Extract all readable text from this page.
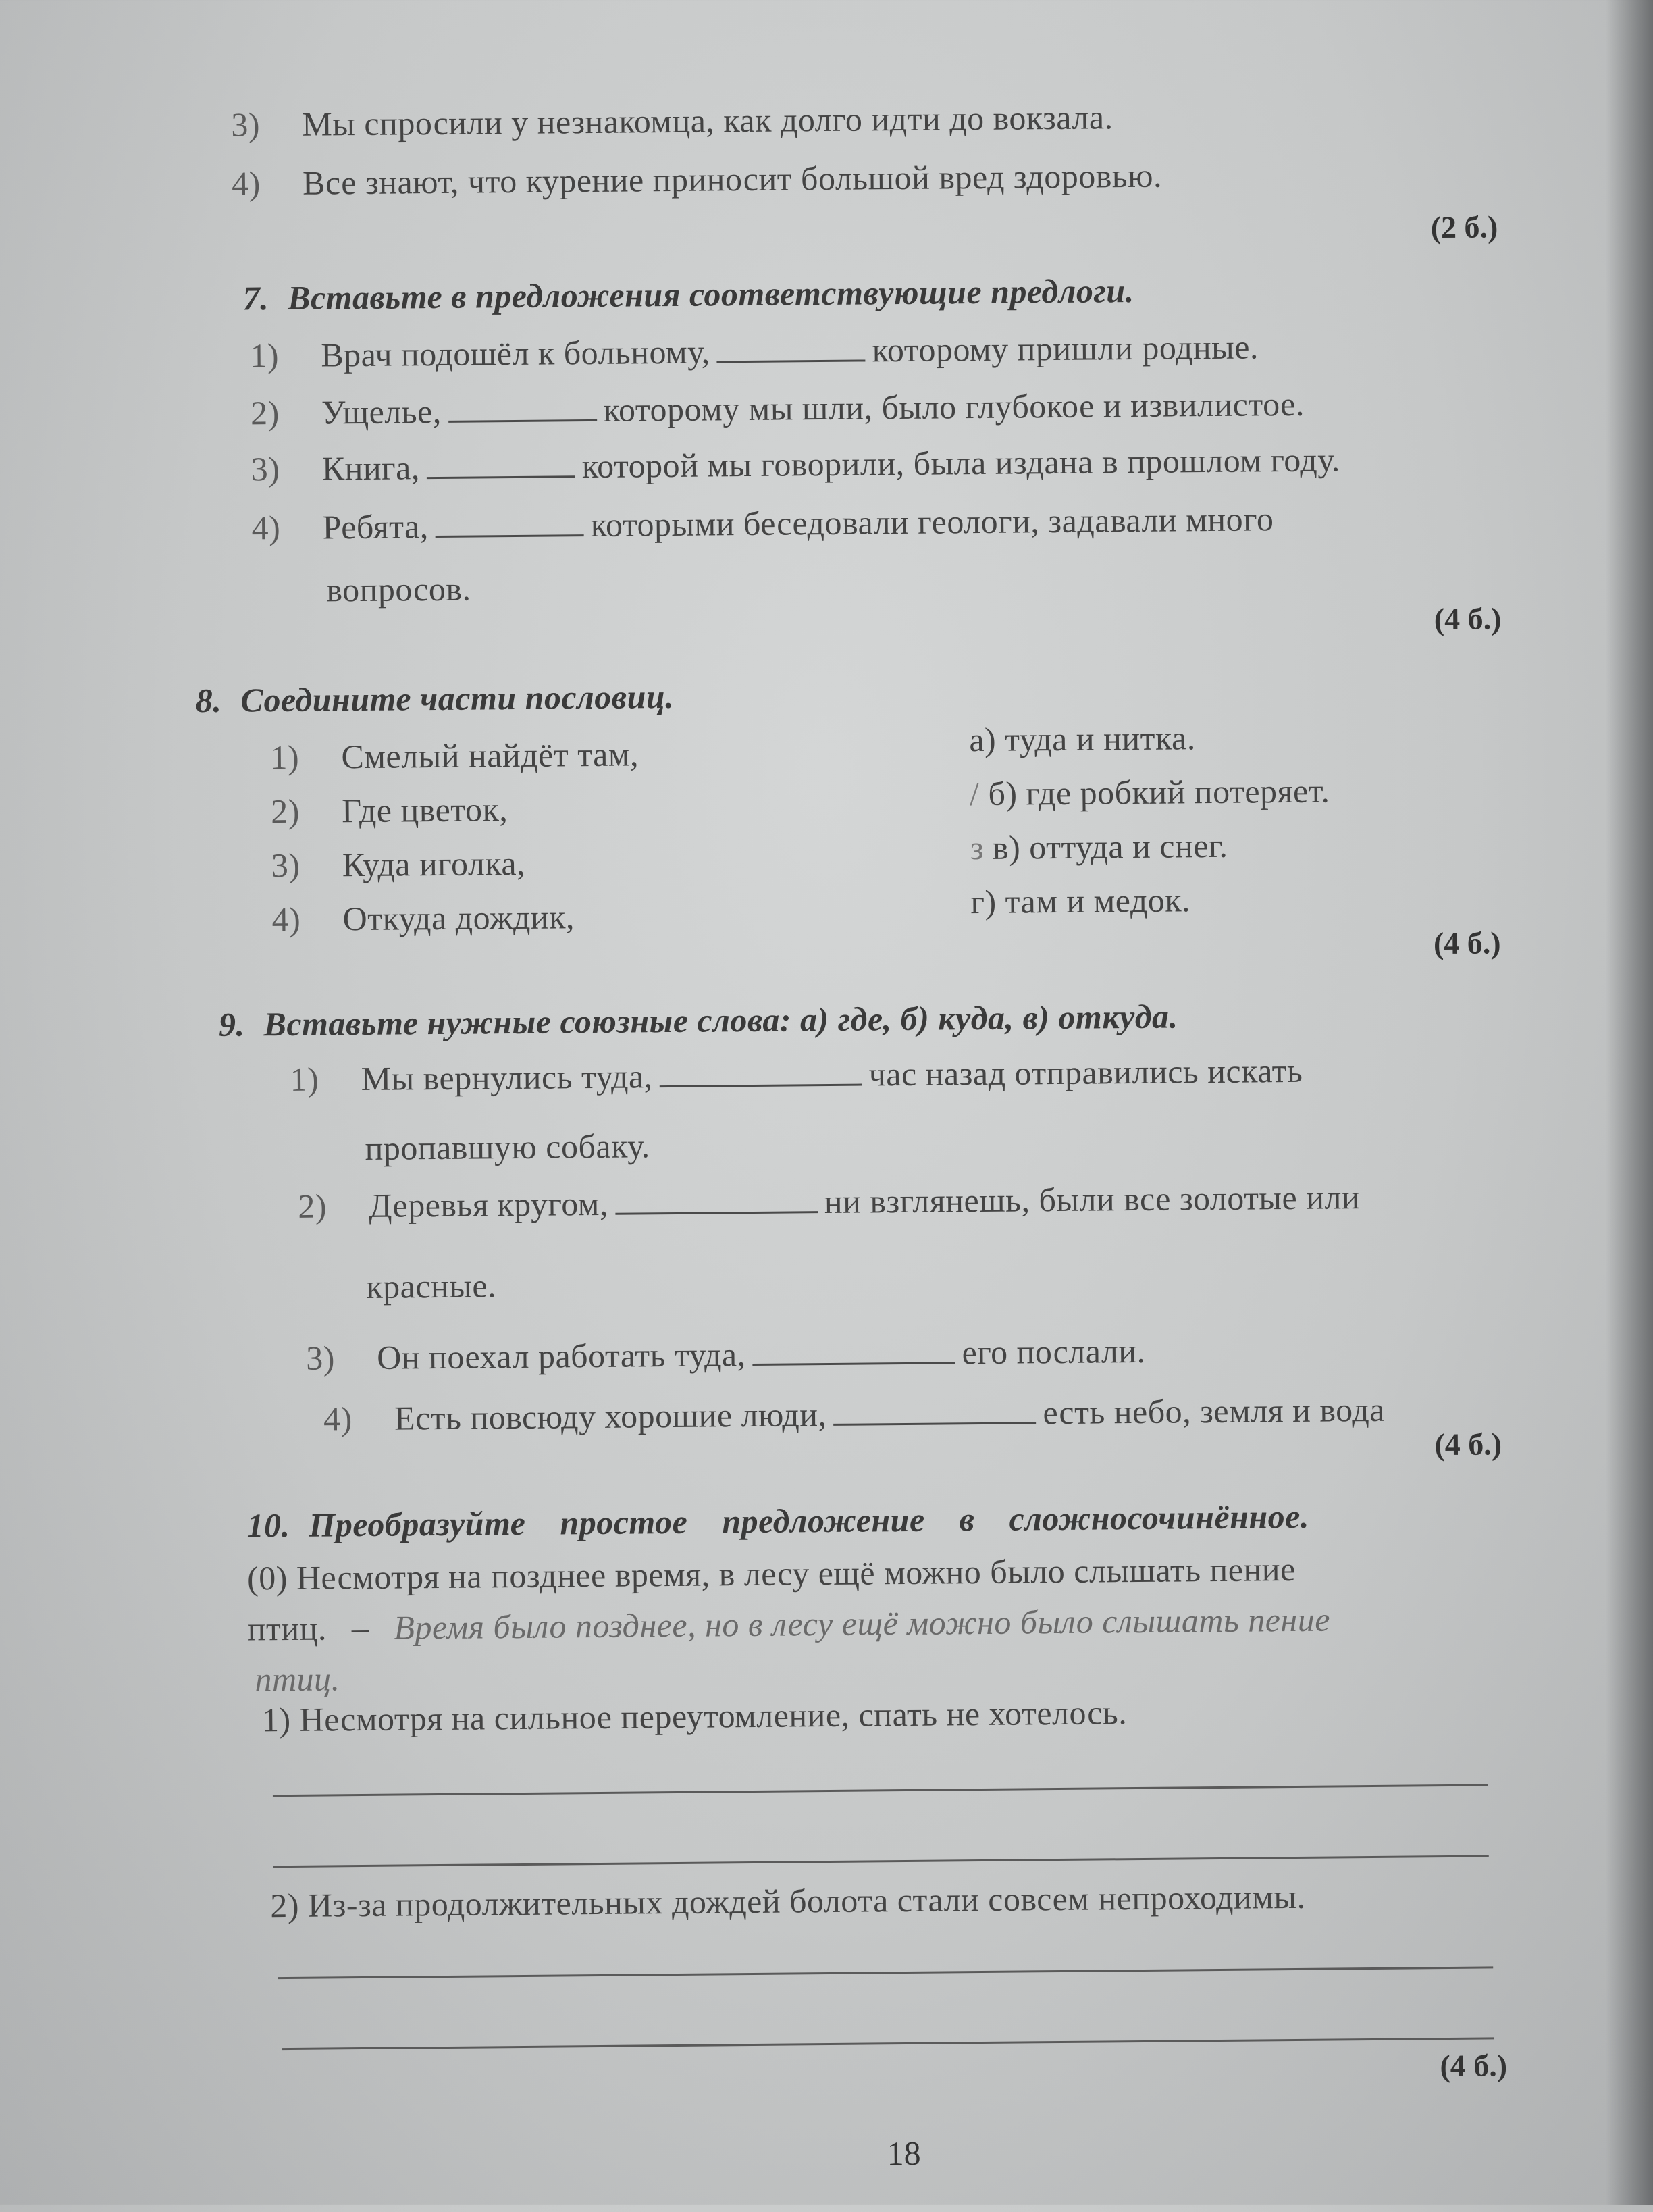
3) Мы спросили у незнакомца, как долго идти до вокзала.
4) Все знают, что курение приносит большой вред здоровью.
(2 б.)
7. Вставьте в предложения соответствующие предлоги.
1) Врач подошёл к больному,	которому пришли родные.
2) Ущелье,	которому мы шли, было глубокое и извилистое.
3) Книга,	которой мы говорили, была издана в прошлом году.
4) Ребята,	которыми беседовали геологи, задавали много
вопросов.
(4 б.)
8. Соедините части пословиц.
1) Смелый найдёт там,
2) Где цветок,
3) Куда иголка,
4) Откуда дождик,
а) туда и нитка.
/ б) где робкий потеряет.
з в) оттуда и снег.
г) там и медок.
(4 б.)
9. Вставьте нужные союзные слова: а) где, б) куда, в) откуда.
1) Мы вернулись туда,	час назад отправились искать
пропавшую собаку.
2) Деревья кругом,	ни взглянешь, были все золотые или
красные.
3) Он поехал работать туда,	его послали.
4) Есть повсюду хорошие люди,	есть небо, земля и вода
(4 б.)
10. Преобразуйте простое предложение в сложносочинённое.
(0) Несмотря на позднее время, в лесу ещё можно было слышать пение
птиц. – Время было позднее, но в лесу ещё можно было слышать пение
птиц.
1) Несмотря на сильное переутомление, спать не хотелось.
2) Из-за продолжительных дождей болота стали совсем непроходимы.
(4 б.)
18
